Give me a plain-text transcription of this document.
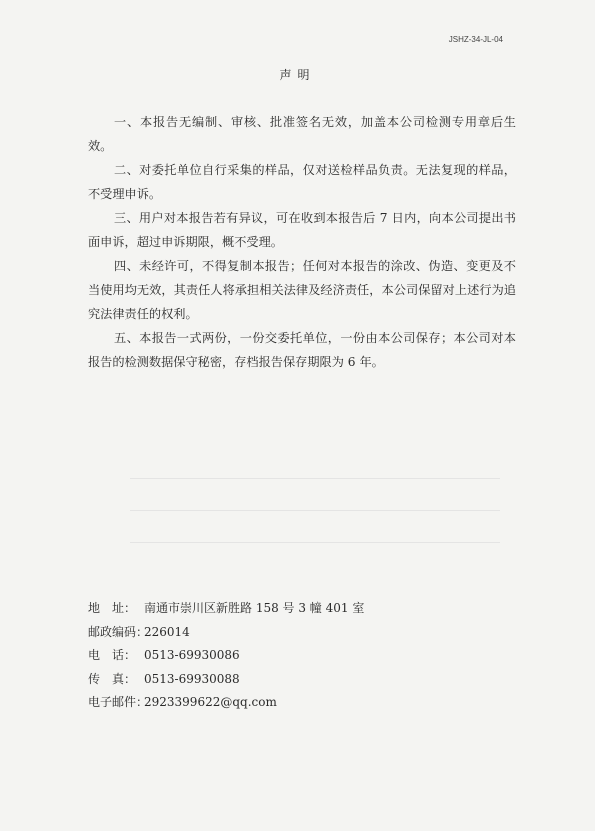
JSHZ-34-JL-04
声明

一、本报告无编制、审核、批准签名无效，加盖本公司检测专用章后生效。

二、对委托单位自行采集的样品，仅对送检样品负责。无法复现的样品，不受理申诉。

三、用户对本报告若有异议，可在收到本报告后 7 日内，向本公司提出书面申诉，超过申诉期限，概不受理。

四、未经许可，不得复制本报告；任何对本报告的涂改、伪造、变更及不当使用均无效，其责任人将承担相关法律及经济责任，本公司保留对上述行为追究法律责任的权利。

五、本报告一式两份，一份交委托单位，一份由本公司保存；本公司对本报告的检测数据保守秘密，存档报告保存期限为 6 年。

地　址： 南通市崇川区新胜路 158 号 3 幢 401 室
邮政编码：
226014
电　话： 0513-69930086
传　真： 0513-69930088
电子邮件：
2923399622@qq.com
